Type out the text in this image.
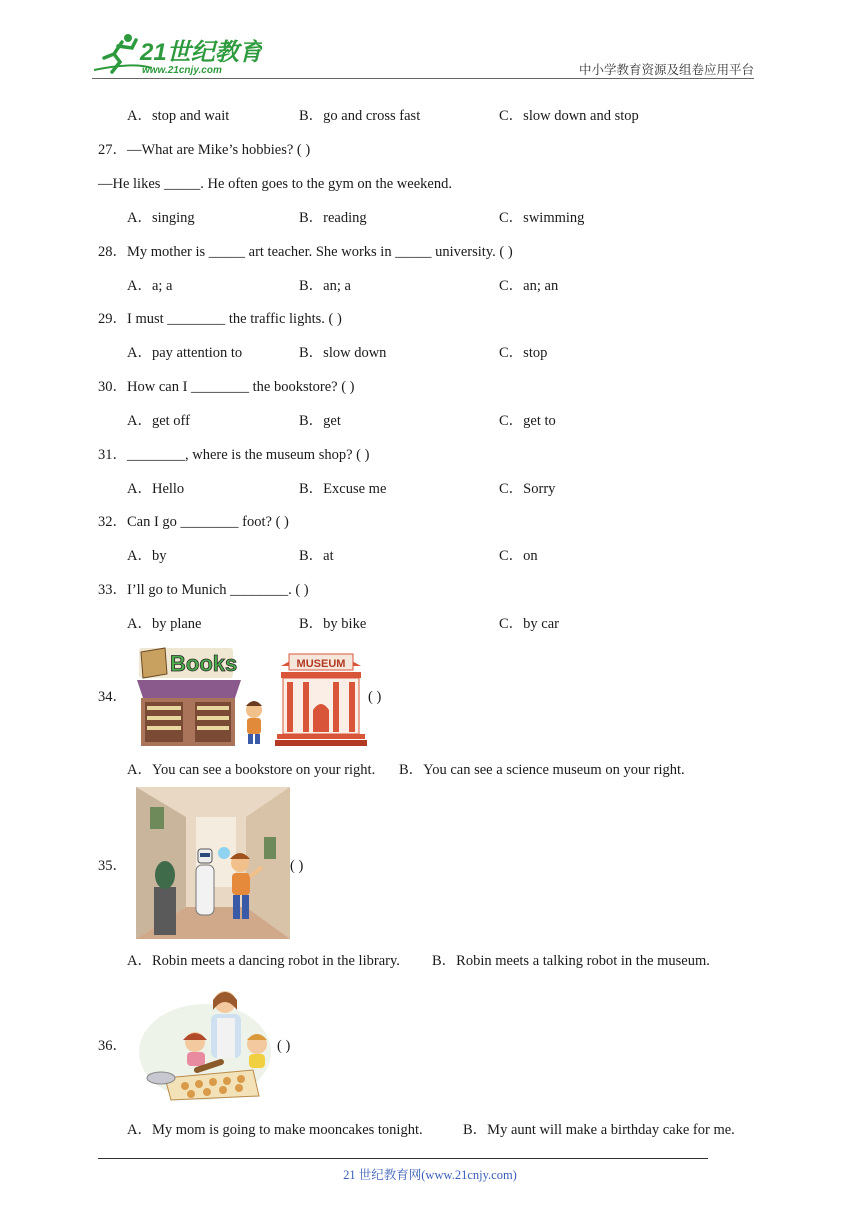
21世纪教育
www.21cnjy.com	中小学教育资源及组卷应用平台
A．stop and wait	B．go and cross fast	C．slow down and stop
27．—What are Mike’s hobbies? ( )
—He likes _____. He often goes to the gym on the weekend.
A．singing	B．reading	C．swimming
28．My mother is _____ art teacher. She works in _____ university. ( )
A．a; a	B．an; a	C．an; an
29．I must ________ the traffic lights. ( )
A．pay attention to	B．slow down	C．stop
30．How can I ________ the bookstore? ( )
A．get off	B．get	C．get to
31．________, where is the museum shop? ( )
A．Hello	B．Excuse me	C．Sorry
32．Can I go ________ foot? ( )
A．by	B．at	C．on
33．I’ll go to Munich ________. ( )
A．by plane	B．by bike	C．by car
34．
Books	MUSEUM
( )
A．You can see a bookstore on your right. B．You can see a science museum on your right.
35．	( )
A．Robin meets a dancing robot in the library. B．Robin meets a talking robot in the museum.
36．	( )
A．My mom is going to make mooncakes tonight.	B．My aunt will make a birthday cake for me.
21 世纪教育网(www.21cnjy.com)
